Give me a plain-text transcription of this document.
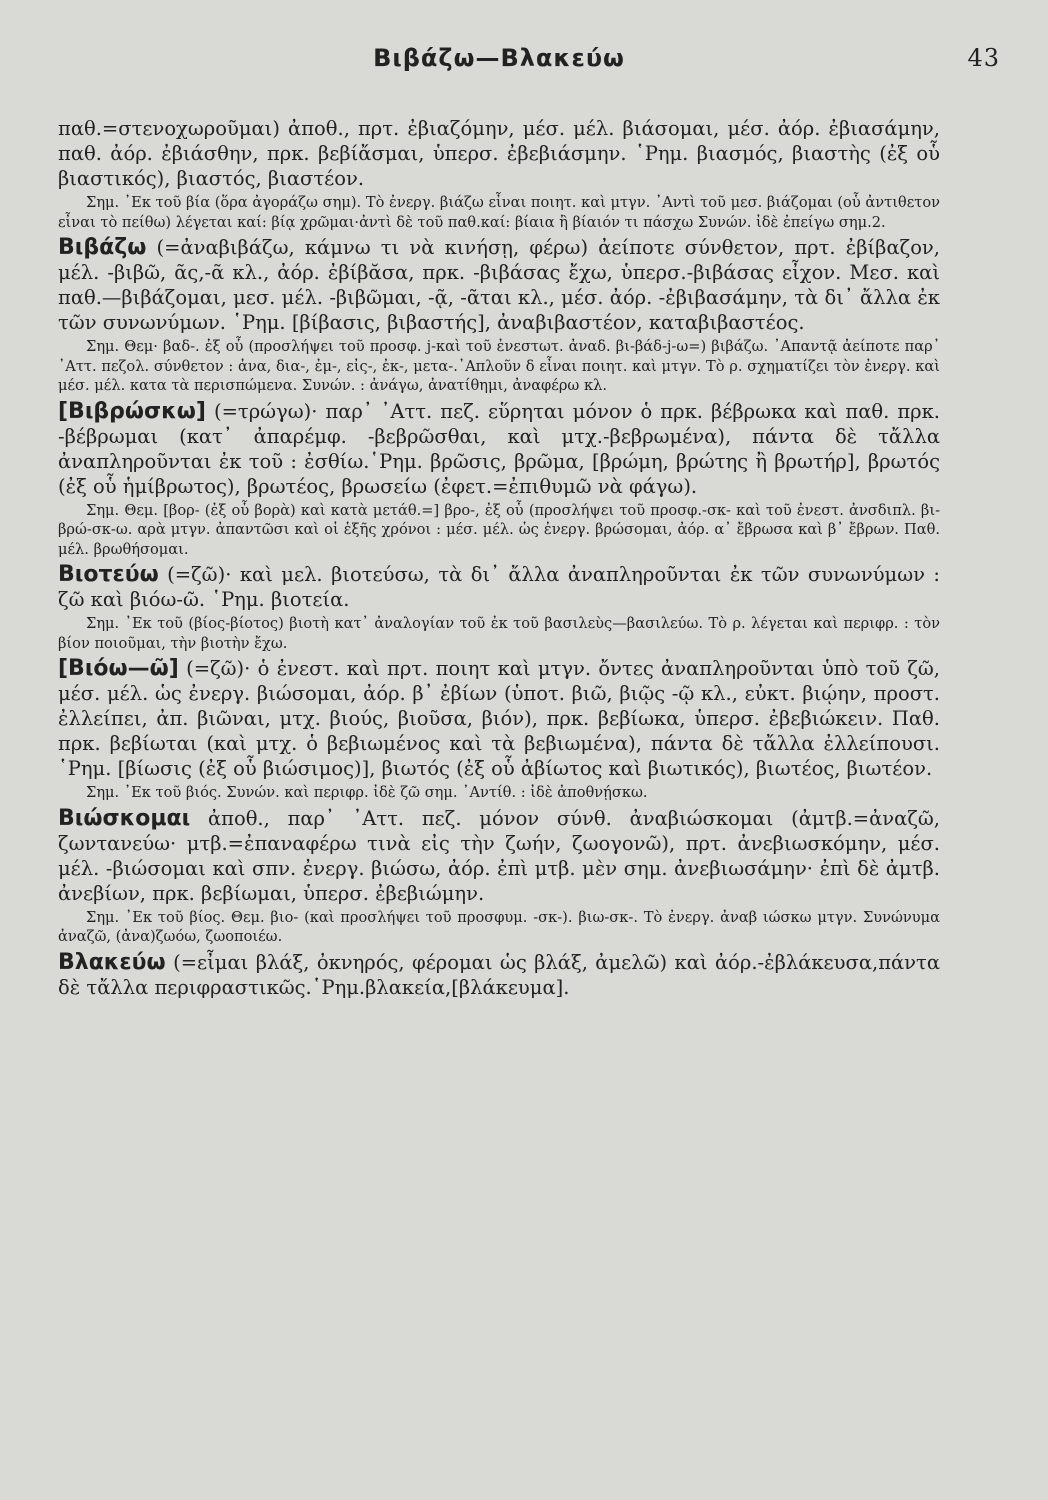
Βιβάζω—Βλακεύω	43

παθ.=στενοχωροῦμαι) ἀποθ., πρτ. ἐβιαζόμην, μέσ. μέλ. βιάσομαι, μέσ. ἀόρ. ἐβιασάμην, παθ. ἀόρ. ἐβιάσθην, πρκ. βεβίἄσμαι, ὑπερσ. ἐβεβιάσμην. ῾Ρημ. βιασμός, βιαστὴς (ἐξ οὗ βιαστικός), βιαστός, βιαστέον.

Σημ. ᾿Εκ τοῦ βία (ὅρα ἀγοράζω σημ). Τὸ ἐνεργ. βιάζω εἶναι ποιητ. καὶ μτγν. ᾿Αντὶ τοῦ μεσ. βιάζομαι (οὗ ἀντιθετον εἶναι τὸ πείθω) λέγεται καί: βίᾳ χρῶμαι·ἀντὶ δὲ τοῦ παθ.καί: βίαια ἢ βίαιόν τι πάσχω Συνών. ἰδὲ ἐπείγω σημ.2.

Βιβάζω (=ἀναβιβάζω, κάμνω τι νὰ κινήσῃ, φέρω) ἀείποτε σύνθετον, πρτ. ἐβίβαζον, μέλ. -βιβῶ, ᾶς,-ᾶ κλ., ἀόρ. ἐβίβᾰσα, πρκ. -βιβάσας ἔχω, ὑπερσ.-βιβάσας εἶχον. Μεσ. καὶ παθ.—βιβάζομαι, μεσ. μέλ. -βιβῶμαι, -ᾷ, -ᾶται κλ., μέσ. ἀόρ. -ἐβιβασάμην, τὰ δι᾽ ἄλλα ἐκ τῶν συνωνύμων. ῾Ρημ. [βίβασις, βιβαστής], ἀναβιβαστέον, καταβιβαστέος.

Σημ. Θεμ· βαδ-. ἐξ οὗ (προσλήψει τοῦ προσφ. j-καὶ τοῦ ἐνεστωτ. ἀναδ. βι-βάδ-j-ω=) βιβάζω. ᾿Απαντᾷ ἀείποτε παρ᾽ ᾿Αττ. πεζολ. σύνθετον : ἀνα, δια-, ἐμ-, εἰς-, ἐκ-, μετα-.᾿Απλοῦν δ εἶναι ποιητ. καὶ μτγν. Τὸ ρ. σχηματίζει τὸν ἐνεργ. καὶ μέσ. μέλ. κατα τὰ περισπώμενα. Συνών. : ἀνάγω, ἀνατίθημι, ἀναφέρω κλ.

[Βιβρώσκω] (=τρώγω)· παρ᾽ ᾿Αττ. πεζ. εὕρηται μόνον ὁ πρκ. βέβρωκα καὶ παθ. πρκ. -βέβρωμαι (κατ᾽ ἀπαρέμφ. -βεβρῶσθαι, καὶ μτχ.-βεβρωμένα), πάντα δὲ τἄλλα ἀναπληροῦνται ἐκ τοῦ : ἐσθίω.῾Ρημ. βρῶσις, βρῶμα, [βρώμη, βρώτης ἢ βρωτήρ], βρωτός (ἐξ οὗ ἡμίβρωτος), βρωτέος, βρωσείω (ἐφετ.=ἐπιθυμῶ νὰ φάγω).

Σημ. Θεμ. [βορ- (ἐξ οὗ βορὰ) καὶ κατὰ μετάθ.=] βρο-, ἐξ οὗ (προσλήψει τοῦ προσφ.-σκ- καὶ τοῦ ἐνεστ. ἀνσδιπλ. βι-βρώ-σκ-ω. αρὰ μτγν. ἀπαντῶσι καὶ οἱ ἑξῆς χρόνοι : μέσ. μέλ. ὡς ἐνεργ. βρώσομαι, ἀόρ. α᾽ ἔβρωσα καὶ β᾽ ἔβρων. Παθ. μέλ. βρωθήσομαι.

Βιοτεύω (=ζῶ)· καὶ μελ. βιοτεύσω, τὰ δι᾽ ἄλλα ἀναπληροῦνται ἐκ τῶν συνωνύμων : ζῶ καὶ βιόω-ῶ. ῾Ρημ. βιοτεία.

Σημ. ᾿Εκ τοῦ (βίος-βίοτος) βιοτὴ κατ᾽ ἀναλογίαν τοῦ ἐκ τοῦ βασιλεὺς—βασιλεύω. Τὸ ρ. λέγεται καὶ περιφρ. : τὸν βίον ποιοῦμαι, τὴν βιοτὴν ἔχω.

[Βιόω—ῶ] (=ζῶ)· ὁ ἐνεστ. καὶ πρτ. ποιητ καὶ μτγν. ὄντες ἀναπληροῦνται ὑπὸ τοῦ ζῶ, μέσ. μέλ. ὡς ἐνεργ. βιώσομαι, ἀόρ. β᾽ ἐβίων (ὑποτ. βιῶ, βιῷς -ῷ κλ., εὐκτ. βιῴην, προστ. ἐλλείπει, ἀπ. βιῶναι, μτχ. βιούς, βιοῦσα, βιόν), πρκ. βεβίωκα, ὑπερσ. ἐβεβιώκειν. Παθ. πρκ. βεβίωται (καὶ μτχ. ὁ βεβιωμένος καὶ τὰ βεβιωμένα), πάντα δὲ τἄλλα ἐλλείπουσι. ῾Ρημ. [βίωσις (ἐξ οὗ βιώσιμος)], βιωτός (ἐξ οὗ ἀβίωτος καὶ βιωτικός), βιωτέος, βιωτέον.

Σημ. ᾿Εκ τοῦ βιός. Συνών. καὶ περιφρ. ἰδὲ ζῶ σημ. ᾿Αντίθ. : ἰδὲ ἀποθνῄσκω.

Βιώσκομαι ἀποθ., παρ᾽ ᾿Αττ. πεζ. μόνον σύνθ. ἀναβιώσκομαι (ἀμτβ.=ἀναζῶ, ζωντανεύω· μτβ.=ἐπαναφέρω τινὰ εἰς τὴν ζωήν, ζωογονῶ), πρτ. ἀνεβιωσκόμην, μέσ. μέλ. -βιώσομαι καὶ σπν. ἐνεργ. βιώσω, ἀόρ. ἐπὶ μτβ. μὲν σημ. ἀνεβιωσάμην· ἐπὶ δὲ ἀμτβ. ἀνεβίων, πρκ. βεβίωμαι, ὑπερσ. ἐβεβιώμην.

Σημ. ᾿Εκ τοῦ βίος. Θεμ. βιο- (καὶ προσλήψει τοῦ προσφυμ. -σκ-). βιω-σκ-. Τὸ ἐνεργ. ἀναβ ιώσκω μτγν. Συνώνυμα ἀναζῶ, (ἀνα)ζωόω, ζωοποιέω.

Βλακεύω (=εἶμαι βλάξ, ὀκνηρός, φέρομαι ὡς βλάξ, ἀμελῶ) καὶ ἀόρ.-ἐβλάκευσα,πάντα δὲ τἄλλα περιφραστικῶς.῾Ρημ.βλακεία,[βλάκευμα].
